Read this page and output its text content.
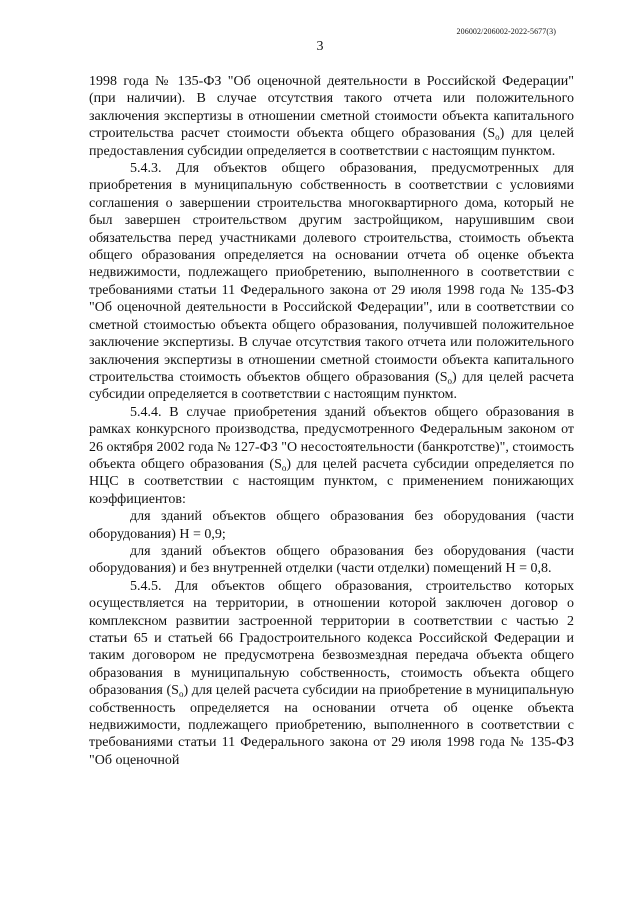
206002/206002-2022-5677(3)
3

1998 года № 135-ФЗ "Об оценочной деятельности в Российской Федерации" (при наличии). В случае отсутствия такого отчета или положительного заключения экспертизы в отношении сметной стоимости объекта капитального строительства расчет стоимости объекта общего образования $(S_о)$ для целей предоставления субсидии определяется в соответствии с настоящим пунктом.

5.4.3. Для объектов общего образования, предусмотренных для приобретения в муниципальную собственность в соответствии с условиями соглашения о завершении строительства многоквартирного дома, который не был завершен строительством другим застройщиком, нарушившим свои обязательства перед участниками долевого строительства, стоимость объекта общего образования определяется на основании отчета об оценке объекта недвижимости, подлежащего приобретению, выполненного в соответствии с требованиями статьи 11 Федерального закона от 29 июля 1998 года № 135-ФЗ "Об оценочной деятельности в Российской Федерации", или в соответствии со сметной стоимостью объекта общего образования, получившей положительное заключение экспертизы. В случае отсутствия такого отчета или положительного заключения экспертизы в отношении сметной стоимости объекта капитального строительства стоимость объектов общего образования $(S_о)$ для целей расчета субсидии определяется в соответствии с настоящим пунктом.

5.4.4. В случае приобретения зданий объектов общего образования в рамках конкурсного производства, предусмотренного Федеральным законом от 26 октября 2002 года № 127-ФЗ "О несостоятельности (банкротстве)", стоимость объекта общего образования $(S_о)$ для целей расчета субсидии определяется по НЦС в соответствии с настоящим пунктом, с применением понижающих коэффициентов:

для зданий объектов общего образования без оборудования (части оборудования) Н = 0,9;

для зданий объектов общего образования без оборудования (части оборудования) и без внутренней отделки (части отделки) помещений Н = 0,8.

5.4.5. Для объектов общего образования, строительство которых осуществляется на территории, в отношении которой заключен договор о комплексном развитии застроенной территории в соответствии с частью 2 статьи 65 и статьей 66 Градостроительного кодекса Российской Федерации и таким договором не предусмотрена безвозмездная передача объекта общего образования в муниципальную собственность, стоимость объекта общего образования $(S_о)$ для целей расчета субсидии на приобретение в муниципальную собственность определяется на основании отчета об оценке объекта недвижимости, подлежащего приобретению, выполненного в соответствии с требованиями статьи 11 Федерального закона от 29 июля 1998 года № 135-ФЗ "Об оценочной
